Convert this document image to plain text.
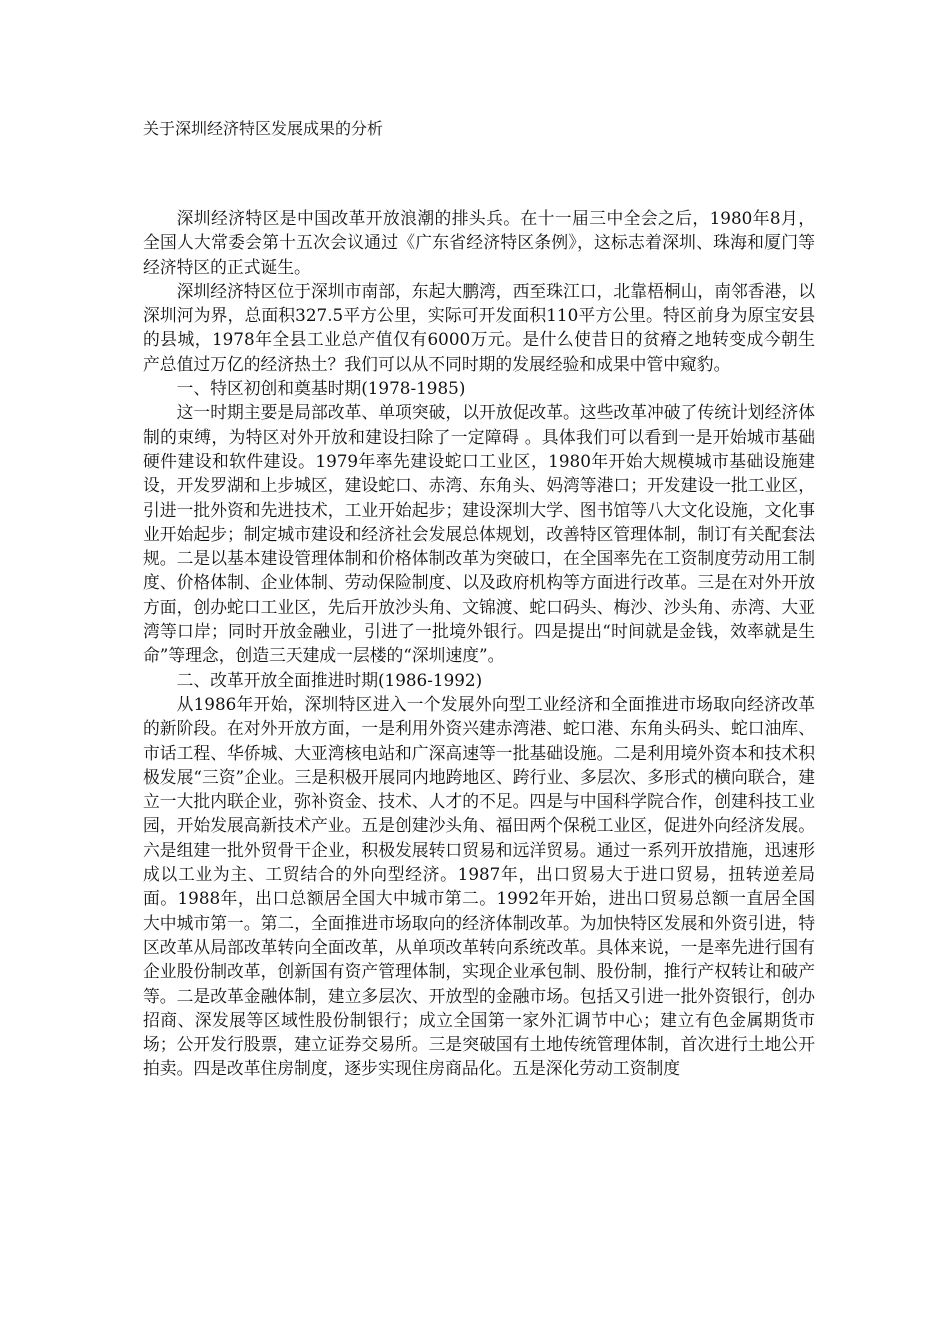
关于深圳经济特区发展成果的分析

深圳经济特区是中国改革开放浪潮的排头兵。在十一届三中全会之后，1980年8月，全国人大常委会第十五次会议通过《广东省经济特区条例》，这标志着深圳、珠海和厦门等经济特区的正式诞生。

深圳经济特区位于深圳市南部，东起大鹏湾，西至珠江口，北靠梧桐山，南邻香港，以深圳河为界，总面积327.5平方公里，实际可开发面积110平方公里。特区前身为原宝安县的县城，1978年全县工业总产值仅有6000万元。是什么使昔日的贫瘠之地转变成今朝生产总值过万亿的经济热土？我们可以从不同时期的发展经验和成果中管中窥豹。

一、特区初创和奠基时期(1978-1985)

这一时期主要是局部改革、单项突破，以开放促改革。这些改革冲破了传统计划经济体制的束缚，为特区对外开放和建设扫除了一定障碍 。具体我们可以看到一是开始城市基础硬件建设和软件建设。1979年率先建设蛇口工业区，1980年开始大规模城市基础设施建设，开发罗湖和上步城区，建设蛇口、赤湾、东角头、妈湾等港口；开发建设一批工业区，引进一批外资和先进技术，工业开始起步；建设深圳大学、图书馆等八大文化设施，文化事业开始起步；制定城市建设和经济社会发展总体规划，改善特区管理体制，制订有关配套法规。二是以基本建设管理体制和价格体制改革为突破口，在全国率先在工资制度劳动用工制度、价格体制、企业体制、劳动保险制度、以及政府机构等方面进行改革。三是在对外开放方面，创办蛇口工业区，先后开放沙头角、文锦渡、蛇口码头、梅沙、沙头角、赤湾、大亚湾等口岸；同时开放金融业，引进了一批境外银行。四是提出“时间就是金钱，效率就是生命”等理念，创造三天建成一层楼的“深圳速度”。

二、改革开放全面推进时期(1986-1992)

从1986年开始，深圳特区进入一个发展外向型工业经济和全面推进市场取向经济改革的新阶段。在对外开放方面，一是利用外资兴建赤湾港、蛇口港、东角头码头、蛇口油库、市话工程、华侨城、大亚湾核电站和广深高速等一批基础设施。二是利用境外资本和技术积极发展“三资”企业。三是积极开展同内地跨地区、跨行业、多层次、多形式的横向联合，建立一大批内联企业，弥补资金、技术、人才的不足。四是与中国科学院合作，创建科技工业园，开始发展高新技术产业。五是创建沙头角、福田两个保税工业区，促进外向经济发展。六是组建一批外贸骨干企业，积极发展转口贸易和远洋贸易。通过一系列开放措施，迅速形成以工业为主、工贸结合的外向型经济。1987年，出口贸易大于进口贸易，扭转逆差局面。1988年，出口总额居全国大中城市第二。1992年开始，进出口贸易总额一直居全国大中城市第一。第二，全面推进市场取向的经济体制改革。为加快特区发展和外资引进，特区改革从局部改革转向全面改革，从单项改革转向系统改革。具体来说，一是率先进行国有企业股份制改革，创新国有资产管理体制，实现企业承包制、股份制，推行产权转让和破产等。二是改革金融体制，建立多层次、开放型的金融市场。包括又引进一批外资银行，创办招商、深发展等区域性股份制银行；成立全国第一家外汇调节中心；建立有色金属期货市场；公开发行股票，建立证券交易所。三是突破国有土地传统管理体制，首次进行土地公开拍卖。四是改革住房制度，逐步实现住房商品化。五是深化劳动工资制度
